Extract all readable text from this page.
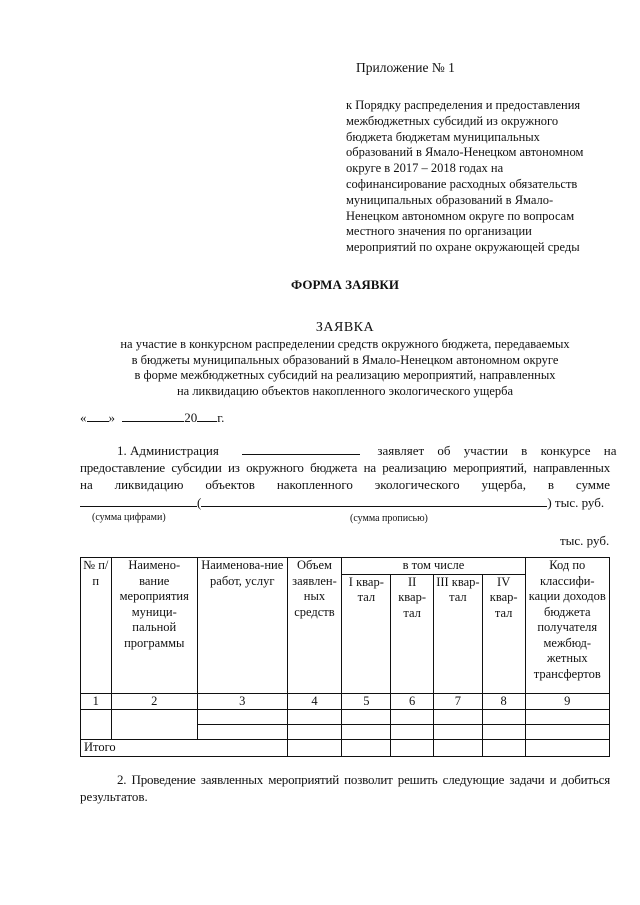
Приложение № 1
к Порядку распределения и предоставления
межбюджетных субсидий из окружного
бюджета бюджетам муниципальных
образований в Ямало-Ненецком автономном
округе в 2017 – 2018 годах на
софинансирование расходных обязательств
муниципальных образований в Ямало-
Ненецком автономном округе по вопросам
местного значения по организации
мероприятий по охране окружающей среды
ФОРМА ЗАЯВКИ
ЗАЯВКА
на участие в конкурсном распределении средств окружного бюджета, передаваемых
в бюджеты муниципальных образований в Ямало-Ненецком автономном округе
в форме межбюджетных субсидий на реализацию мероприятий, направленных
на ликвидацию объектов накопленного экологического ущерба
« »	20 г.
1. Администрация	заявляет об участии в конкурсе на
предоставление субсидии из окружного бюджета на реализацию мероприятий, направленных
на ликвидацию объектов накопленного экологического ущерба, в сумме
(	) тыс. руб.
(сумма цифрами)	(сумма прописью)
тыс. руб.
№ п/п	Наимено-вание мероприятия муници-пальной программы	Наименова-ние работ, услуг	Объем заявлен-ных средств	в том числе				Код по классифи-кации доходов бюджета получателя межбюд-жетных трансфертов
				I квар-тал	II квар-тал	III квар-тал	IV квар-тал	
1	2	3	4	5	6	7	8	9

Итого								
2. Проведение заявленных мероприятий позволит решить следующие задачи и добиться
результатов.
